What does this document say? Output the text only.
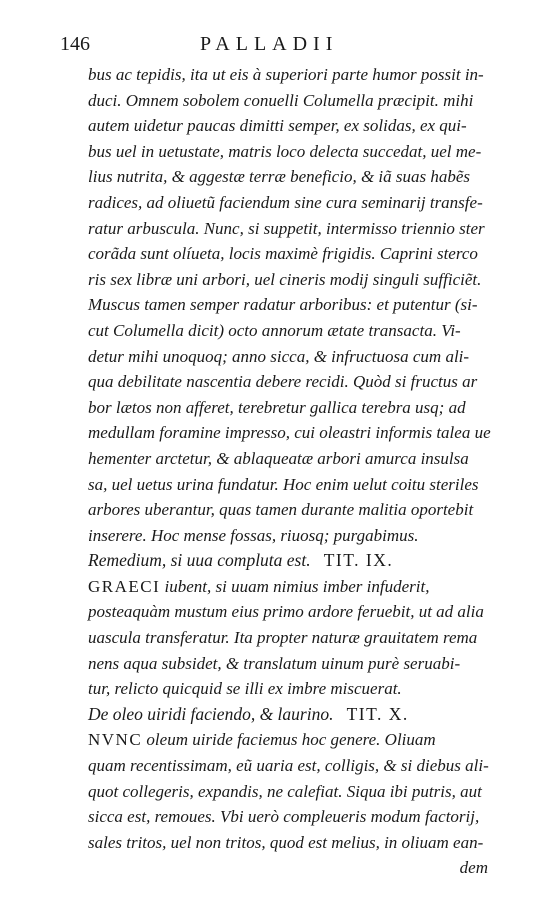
146	PALLADII
bus ac tepidis, ita ut eis à superiori parte humor possit in-
duci. Omnem sobolem conuelli Columella præcipit. mihi
autem uidetur paucas dimitti semper, ex solidas, ex qui-
bus uel in uetustate, matris loco delecta succedat, uel me-
lius nutrita, & aggestæ terræ beneficio, & iã suas habẽs
radices, ad oliuetũ faciendum sine cura seminarij transfe-
ratur arbuscula. Nunc, si suppetit, intermisso triennio ster
corãda sunt olíueta, locis maximè frigidis. Caprini sterco
ris sex libræ uni arbori, uel cineris modij singuli sufficiẽt.
Muscus tamen semper radatur arboribus: et putentur (si-
cut Columella dicit) octo annorum ætate transacta. Vi-
detur mihi unoquoq; anno sicca, & infructuosa cum ali-
qua debilitate nascentia debere recidi. Quòd si fructus ar
bor lætos non afferet, terebretur gallica terebra usq; ad
medullam foramine impresso, cui oleastri informis talea ue
hementer arctetur, & ablaqueatæ arbori amurca insulsa
sa, uel uetus urina fundatur. Hoc enim uelut coitu steriles
arbores uberantur, quas tamen durante malitia oportebit
inserere. Hoc mense fossas, riuosq; purgabimus.
Remedium, si uua compluta est. TIT. IX.
GRAECI iubent, si uuam nimius imber infuderit,
posteaquàm mustum eius primo ardore feruebit, ut ad alia
uascula transferatur. Ita propter naturæ grauitatem rema
nens aqua subsidet, & translatum uinum purè seruabi-
tur, relicto quicquid se illi ex imbre miscuerat.
De oleo uiridi faciendo, & laurino. TIT. X.
NVNC oleum uiride faciemus hoc genere. Oliuam
quam recentissimam, eũ uaria est, colligis, & si diebus ali-
quot collegeris, expandis, ne calefiat. Siqua ibi putris, aut
sicca est, remoues. Vbi uerò compleueris modum factorij,
sales tritos, uel non tritos, quod est melius, in oliuam ean-
dem
